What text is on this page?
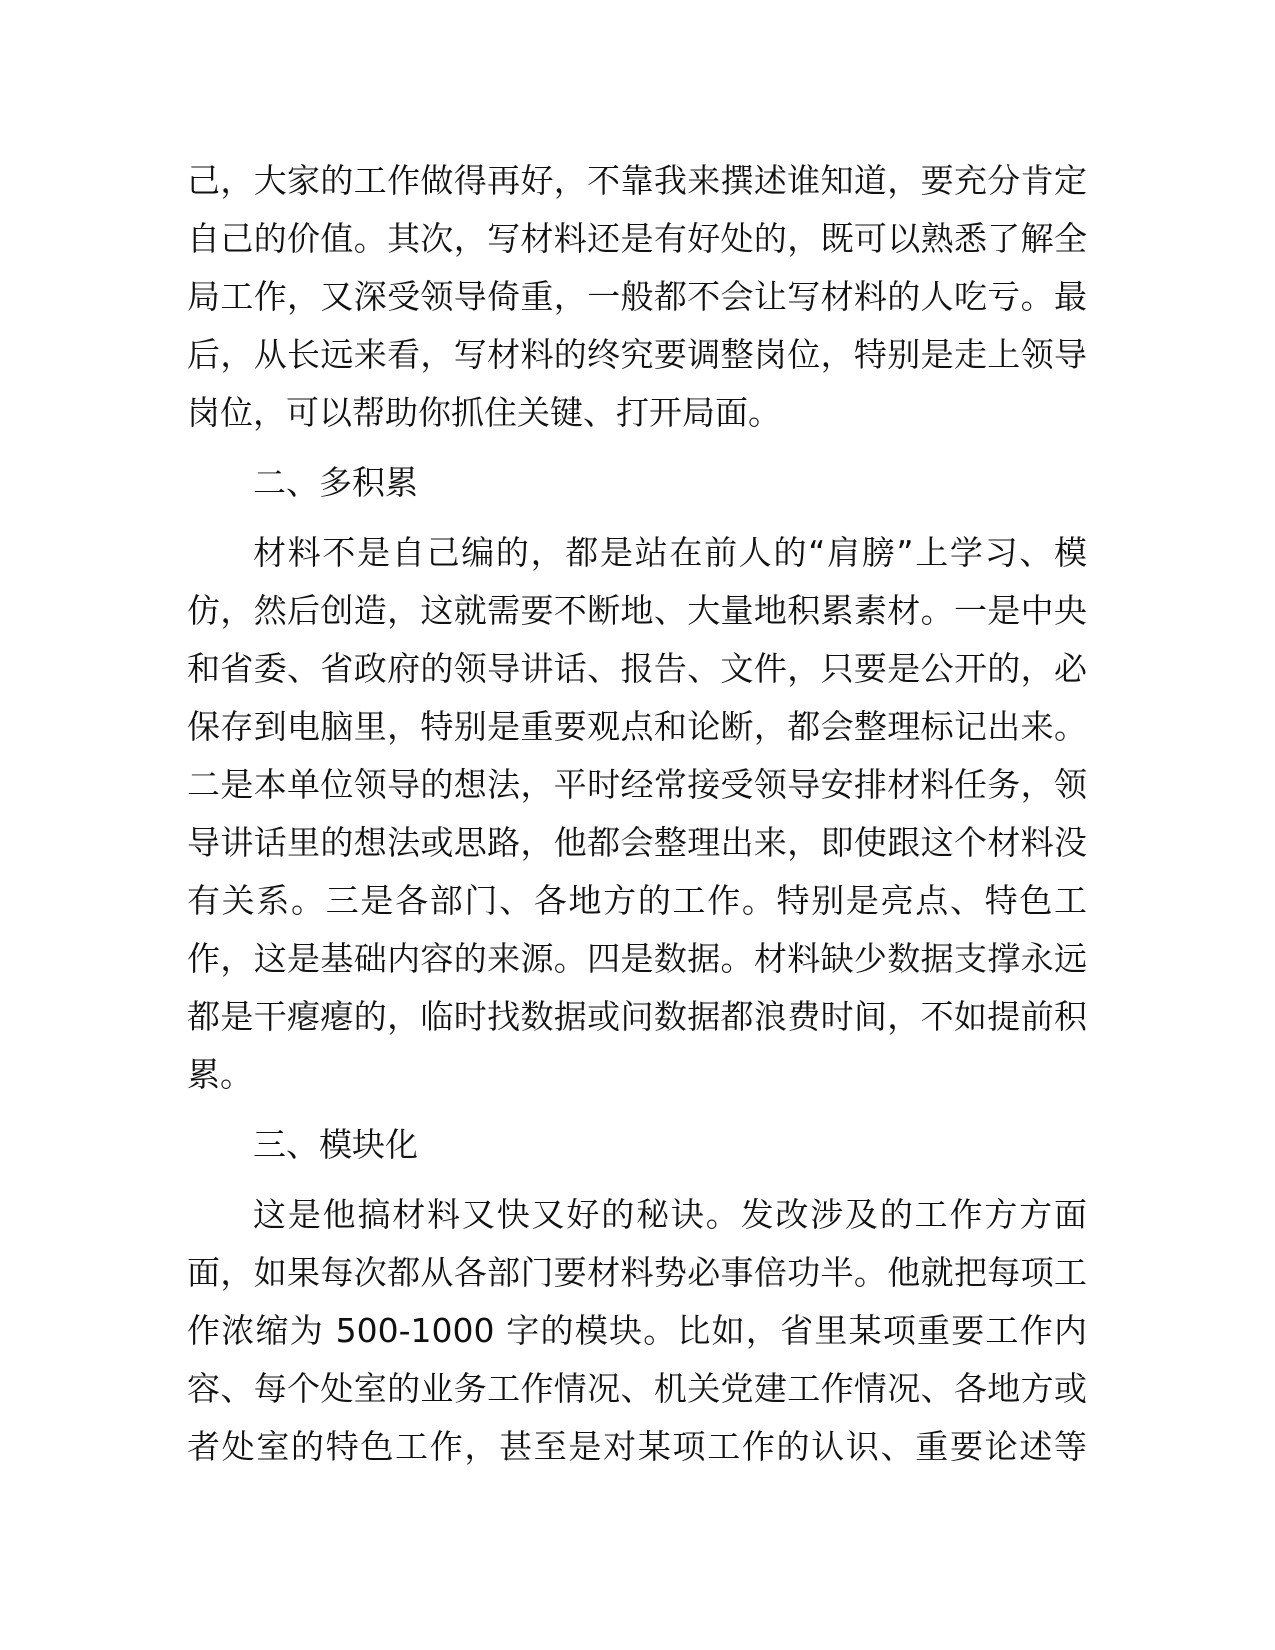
己，大家的工作做得再好，不靠我来撰述谁知道，要充分肯定
自己的价值。其次，写材料还是有好处的，既可以熟悉了解全
局工作，又深受领导倚重，一般都不会让写材料的人吃亏。最
后，从长远来看，写材料的终究要调整岗位，特别是走上领导
岗位，可以帮助你抓住关键、打开局面。
二、多积累
材料不是自己编的，都是站在前人的“肩膀”上学习、模
仿，然后创造，这就需要不断地、大量地积累素材。一是中央
和省委、省政府的领导讲话、报告、文件，只要是公开的，必
保存到电脑里，特别是重要观点和论断，都会整理标记出来。
二是本单位领导的想法，平时经常接受领导安排材料任务，领
导讲话里的想法或思路，他都会整理出来，即使跟这个材料没
有关系。三是各部门、各地方的工作。特别是亮点、特色工
作，这是基础内容的来源。四是数据。材料缺少数据支撑永远
都是干瘪瘪的，临时找数据或问数据都浪费时间，不如提前积
累。
三、模块化
这是他搞材料又快又好的秘诀。发改涉及的工作方方面
面，如果每次都从各部门要材料势必事倍功半。他就把每项工
作浓缩为 500-1000 字的模块。比如，省里某项重要工作内
容、每个处室的业务工作情况、机关党建工作情况、各地方或
者处室的特色工作，甚至是对某项工作的认识、重要论述等
